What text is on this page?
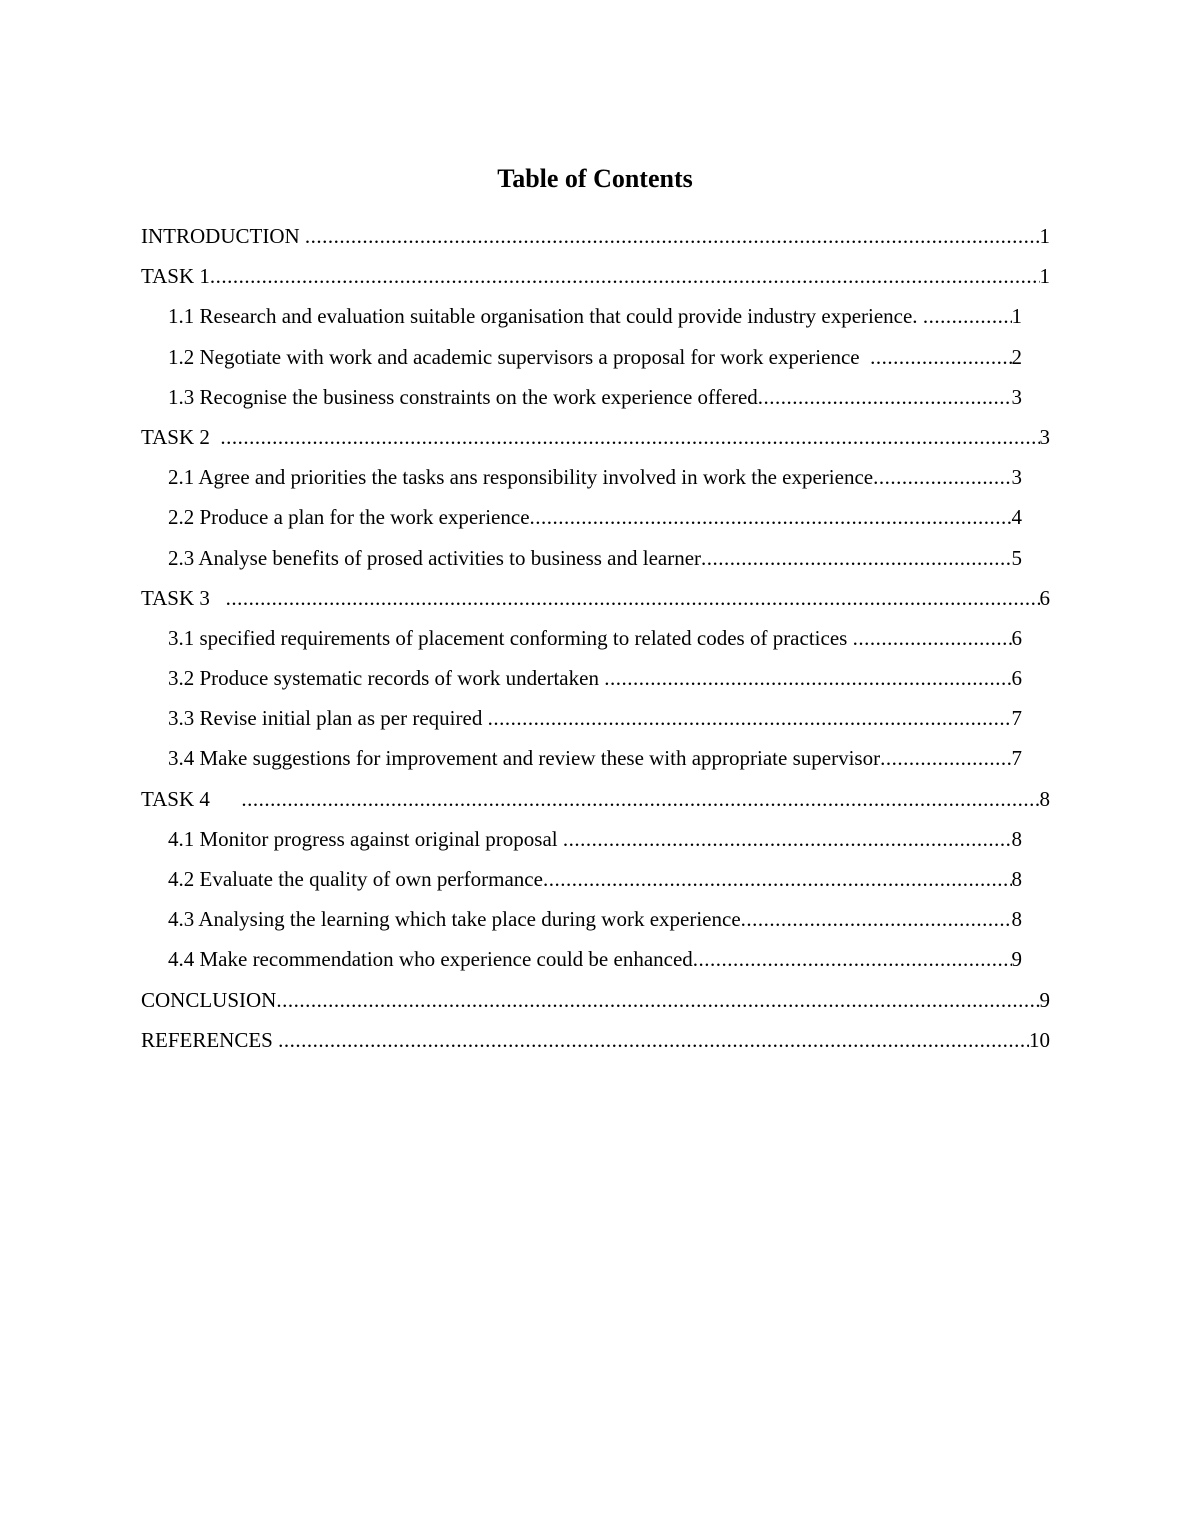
Table of Contents
INTRODUCTION .....	1
TASK 1 .....	1
1.1 Research and evaluation suitable organisation that could provide industry experience. .....	1
1.2 Negotiate with work and academic supervisors a proposal for work experience .....	2
1.3 Recognise the business constraints on the work experience offered .....	3
TASK 2 .....	3
2.1 Agree and priorities the tasks ans responsibility involved in work the experience .....	3
2.2 Produce a plan for the work experience .....	4
2.3 Analyse benefits of prosed activities to business and learner .....	5
TASK 3 .....	6
3.1 specified requirements of placement conforming to related codes of practices .....	6
3.2 Produce systematic records of work undertaken .....	6
3.3 Revise initial plan as per required .....	7
3.4 Make suggestions for improvement and review these with appropriate supervisor .....	7
TASK 4 .....	8
4.1 Monitor progress against original proposal .....	8
4.2 Evaluate the quality of own performance .....	8
4.3 Analysing the learning which take place during work experience .....	8
4.4 Make recommendation who experience could be enhanced .....	9
CONCLUSION .....	9
REFERENCES .....	10
